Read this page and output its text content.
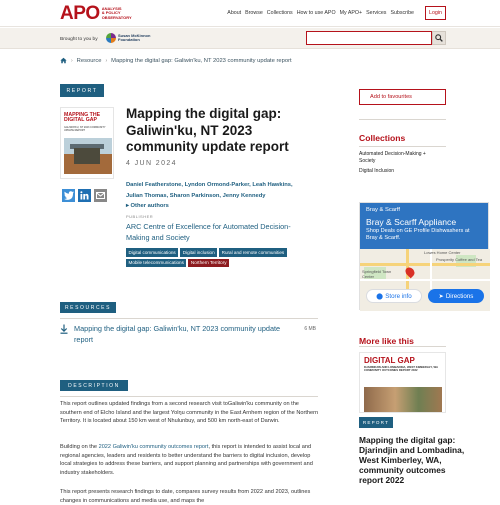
APO ANALYSIS
& POLICY
OBSERVATORY
About Browse Collections How to use APO My APO+ Services Subscribe	Login
Brought to you by
Susan McKinnon
Foundation
› Resource › Mapping the digital gap: Galiwin'ku, NT 2023 community update report
REPORT
MAPPING THE DIGITAL GAP
GALIWIN'KU, NT 2023 COMMUNITY UPDATE REPORT
Mapping the digital gap: Galiwin'ku, NT 2023 community update report
4 JUN 2024
Daniel Featherstone, Lyndon Ormond-Parker, Leah Hawkins, Julian Thomas, Sharon Parkinson, Jenny Kennedy
▸ Other authors
PUBLISHER
ARC Centre of Excellence for Automated Decision-Making and Society
Digital communications	Digital inclusion	Rural and remote communities
Mobile telecommunications	Northern Territory
RESOURCES
Mapping the digital gap: Galiwin'ku, NT 2023 community update report
6 MB
DESCRIPTION

This report outlines updated findings from a second research visit toGaliwin'ku community on the southern end of Elcho Island and the largest Yolŋu community in the East Arnhem region of the Northern Territory. It is located about 150 km west of Nhulunbuy, and 500 km north-east of Darwin.

Building on the 2022 Galiwin'ku community outcomes report, this report is intended to assist local and regional agencies, leaders and residents to better understand the barriers to digital inclusion, develop local strategies to address these barriers, and support planning and partnerships with government and industry stakeholders.

This report presents research findings to date, compares survey results from 2022 and 2023, outlines changes in communications and media use, and maps the

Add to favourites
Collections
Automated Decision-Making + Society
Digital Inclusion
Bray & Scarff
Bray & Scarff Appliance
Shop Deals on GE Profile Dishwashers at Bray & Scarff.
Lowes Home Center
Prosperity Coffee and Tea
Springfield Town Center
⬤ Store info	➤ Directions
More like this
DIGITAL GAP
DJARINDJIN AND LOMBADINA, WEST KIMBERLEY, WA COMMUNITY OUTCOMES REPORT 2022
REPORT
Mapping the digital gap: Djarindjin and Lombadina, West Kimberley, WA, community outcomes report 2022
